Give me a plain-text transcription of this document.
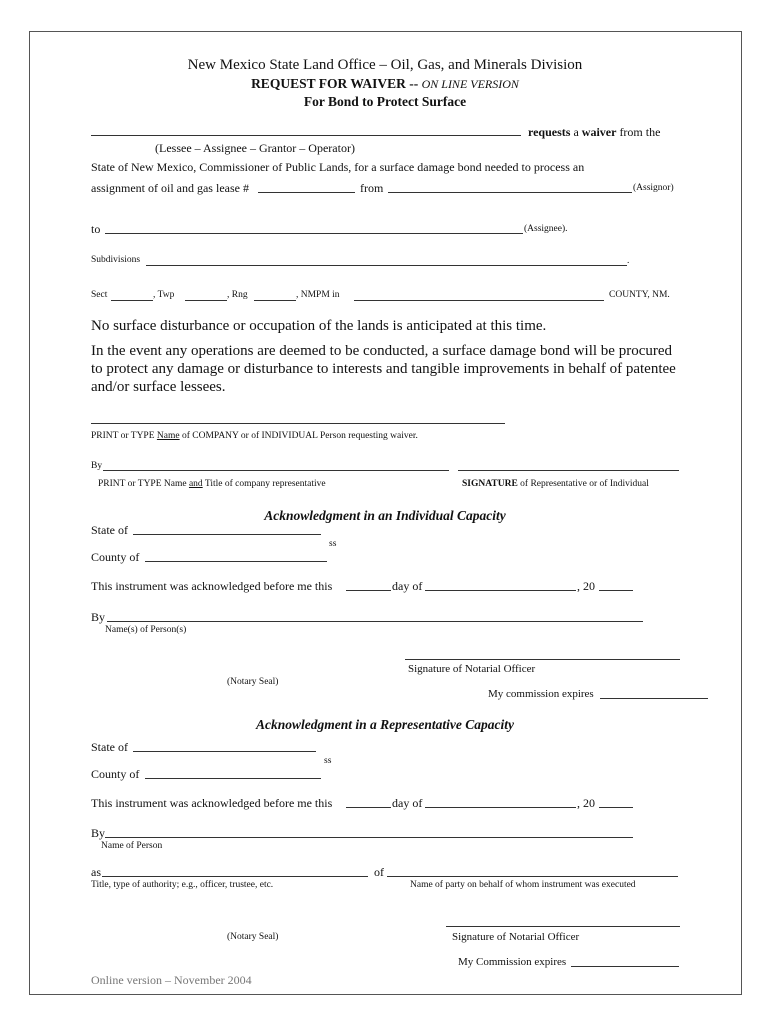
New Mexico State Land Office – Oil, Gas, and Minerals Division
REQUEST FOR WAIVER -- ON LINE VERSION
For Bond to Protect Surface
requests a waiver from the
(Lessee – Assignee – Grantor – Operator)
State of New Mexico, Commissioner of Public Lands, for a surface damage bond needed to process an
assignment of oil and gas lease #	from	(Assignor)
to	(Assignee).
Subdivisions	.
Sect	, Twp	, Rng	, NMPM in	COUNTY, NM.
No surface disturbance or occupation of the lands is anticipated at this time.
In the event any operations are deemed to be conducted, a surface damage bond will be procured
to protect any damage or disturbance to interests and tangible improvements in behalf of patentee
and/or surface lessees.
PRINT or TYPE Name of COMPANY or of INDIVIDUAL Person requesting waiver.
By
PRINT or TYPE Name and Title of company representative	SIGNATURE of Representative or of Individual
Acknowledgment in an Individual Capacity
State of
ss
County of
This instrument was acknowledged before me this	day of	, 20
By
Name(s) of Person(s)
Signature of Notarial Officer
(Notary Seal)
My commission expires
Acknowledgment in a Representative Capacity
State of
ss
County of
This instrument was acknowledged before me this	day of	, 20
By
Name of Person
as	of
Title, type of authority; e.g., officer, trustee, etc.	Name of party on behalf of whom instrument was executed
(Notary Seal)	Signature of Notarial Officer
My Commission expires
Online version – November 2004
